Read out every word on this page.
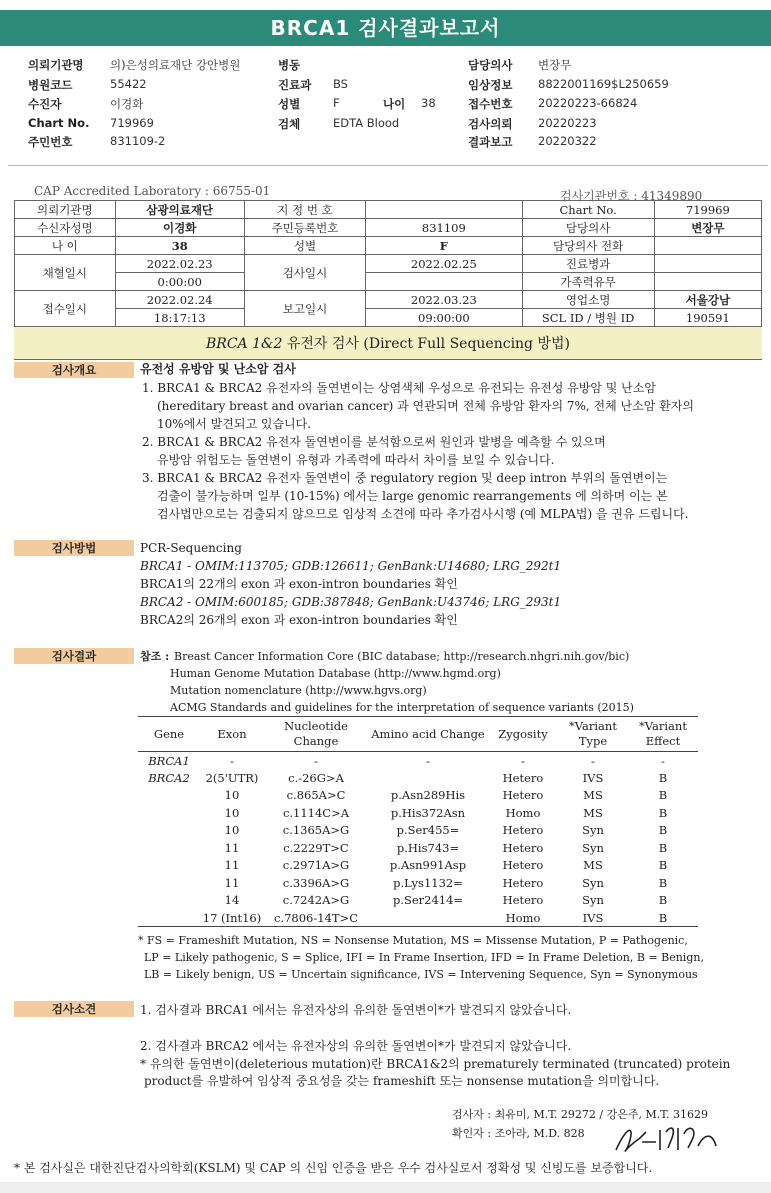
BRCA1 검사결과보고서
의뢰기관명 의)은성의료재단 강안병원
병원코드	55422
수진자	이경화
Chart No. 719969
주민번호	831109-2
병동
진료과 BS
성별	F	나이 38
검체	EDTA Blood
담당의사 변장무
임상정보 8822001169$L250659
접수번호 20220223-66824
검사의뢰 20220223
결과보고 20220322
CAP Accredited Laboratory : 66755-01	검사기관번호 : 41349890
의뢰기관명	삼광의료재단	지 정 번 호		Chart No.	719969
수신자성명	이경화	주민등록번호	831109	담당의사	변장무
나 이	38	성별	F	담당의사 전화	
채혈일시	2022.02.23	검사일시	2022.02.25	진료병과	
	0:00:00			가족력유무	
접수일시	2022.02.24	보고일시	2022.03.23	영업소명	서울강남
	18:17:13		09:00:00	SCL ID / 병원 ID	190591
BRCA 1&2 유전자 검사 (Direct Full Sequencing 방법)
검사개요	유전성 유방암 및 난소암 검사
1. BRCA1 & BRCA2 유전자의 돌연변이는 상염색체 우성으로 유전되는 유전성 유방암 및 난소암
(hereditary breast and ovarian cancer) 과 연관되며 전체 유방암 환자의 7%, 전체 난소암 환자의
10%에서 발견되고 있습니다.
2. BRCA1 & BRCA2 유전자 돌연변이를 분석함으로써 원인과 발병을 예측할 수 있으며
유방암 위험도는 돌연변이 유형과 가족력에 따라서 차이를 보일 수 있습니다.
3. BRCA1 & BRCA2 유전자 돌연변이 중 regulatory region 및 deep intron 부위의 돌연변이는
검출이 불가능하며 일부 (10-15%) 에서는 large genomic rearrangements 에 의하며 이는 본
검사법만으로는 검출되지 않으므로 임상적 소견에 따라 추가검사시행 (예 MLPA법) 을 권유 드립니다.
검사방법	PCR-Sequencing
BRCA1 - OMIM:113705; GDB:126611; GenBank:U14680; LRG_292t1
BRCA1의 22개의 exon 과 exon-intron boundaries 확인
BRCA2 - OMIM:600185; GDB:387848; GenBank:U43746; LRG_293t1
BRCA2의 26개의 exon 과 exon-intron boundaries 확인
검사결과	참조 : Breast Cancer Information Core (BIC database; http://research.nhgri.nih.gov/bic)
Human Genome Mutation Database (http://www.hgmd.org)
Mutation nomenclature (http://www.hgvs.org)
ACMG Standards and guidelines for the interpretation of sequence variants (2015)
Gene	Exon	Nucleotide Change	Amino acid Change	Zygosity	*Variant Type	*Variant Effect
BRCA1	-	-	-	-	-	-
BRCA2	2(5'UTR)	c.-26G>A		Hetero	IVS	B
	10	c.865A>C	p.Asn289His	Hetero	MS	B
	10	c.1114C>A	p.His372Asn	Homo	MS	B
	10	c.1365A>G	p.Ser455=	Hetero	Syn	B
	11	c.2229T>C	p.His743=	Hetero	Syn	B
	11	c.2971A>G	p.Asn991Asp	Hetero	MS	B
	11	c.3396A>G	p.Lys1132=	Hetero	Syn	B
	14	c.7242A>G	p.Ser2414=	Hetero	Syn	B
	17 (Int16)	c.7806-14T>C		Homo	IVS	B
* FS = Frameshift Mutation, NS = Nonsense Mutation, MS = Missense Mutation, P = Pathogenic,
LP = Likely pathogenic, S = Splice, IFI = In Frame Insertion, IFD = In Frame Deletion, B = Benign,
LB = Likely benign, US = Uncertain significance, IVS = Intervening Sequence, Syn = Synonymous
검사소견	1. 검사결과 BRCA1 에서는 유전자상의 유의한 돌연변이*가 발견되지 않았습니다.
2. 검사결과 BRCA2 에서는 유전자상의 유의한 돌연변이*가 발견되지 않았습니다.
* 유의한 돌연변이(deleterious mutation)란 BRCA1&2의 prematurely terminated (truncated) protein
product를 유발하여 임상적 중요성을 갖는 frameshift 또는 nonsense mutation을 의미합니다.
검사자 : 최유미, M.T. 29272 / 강은주, M.T. 31629
확인자 : 조아라, M.D. 828
* 본 검사실은 대한진단검사의학회(KSLM) 및 CAP 의 신임 인증을 받은 우수 검사실로서 정확성 및 신빙도를 보증합니다.
